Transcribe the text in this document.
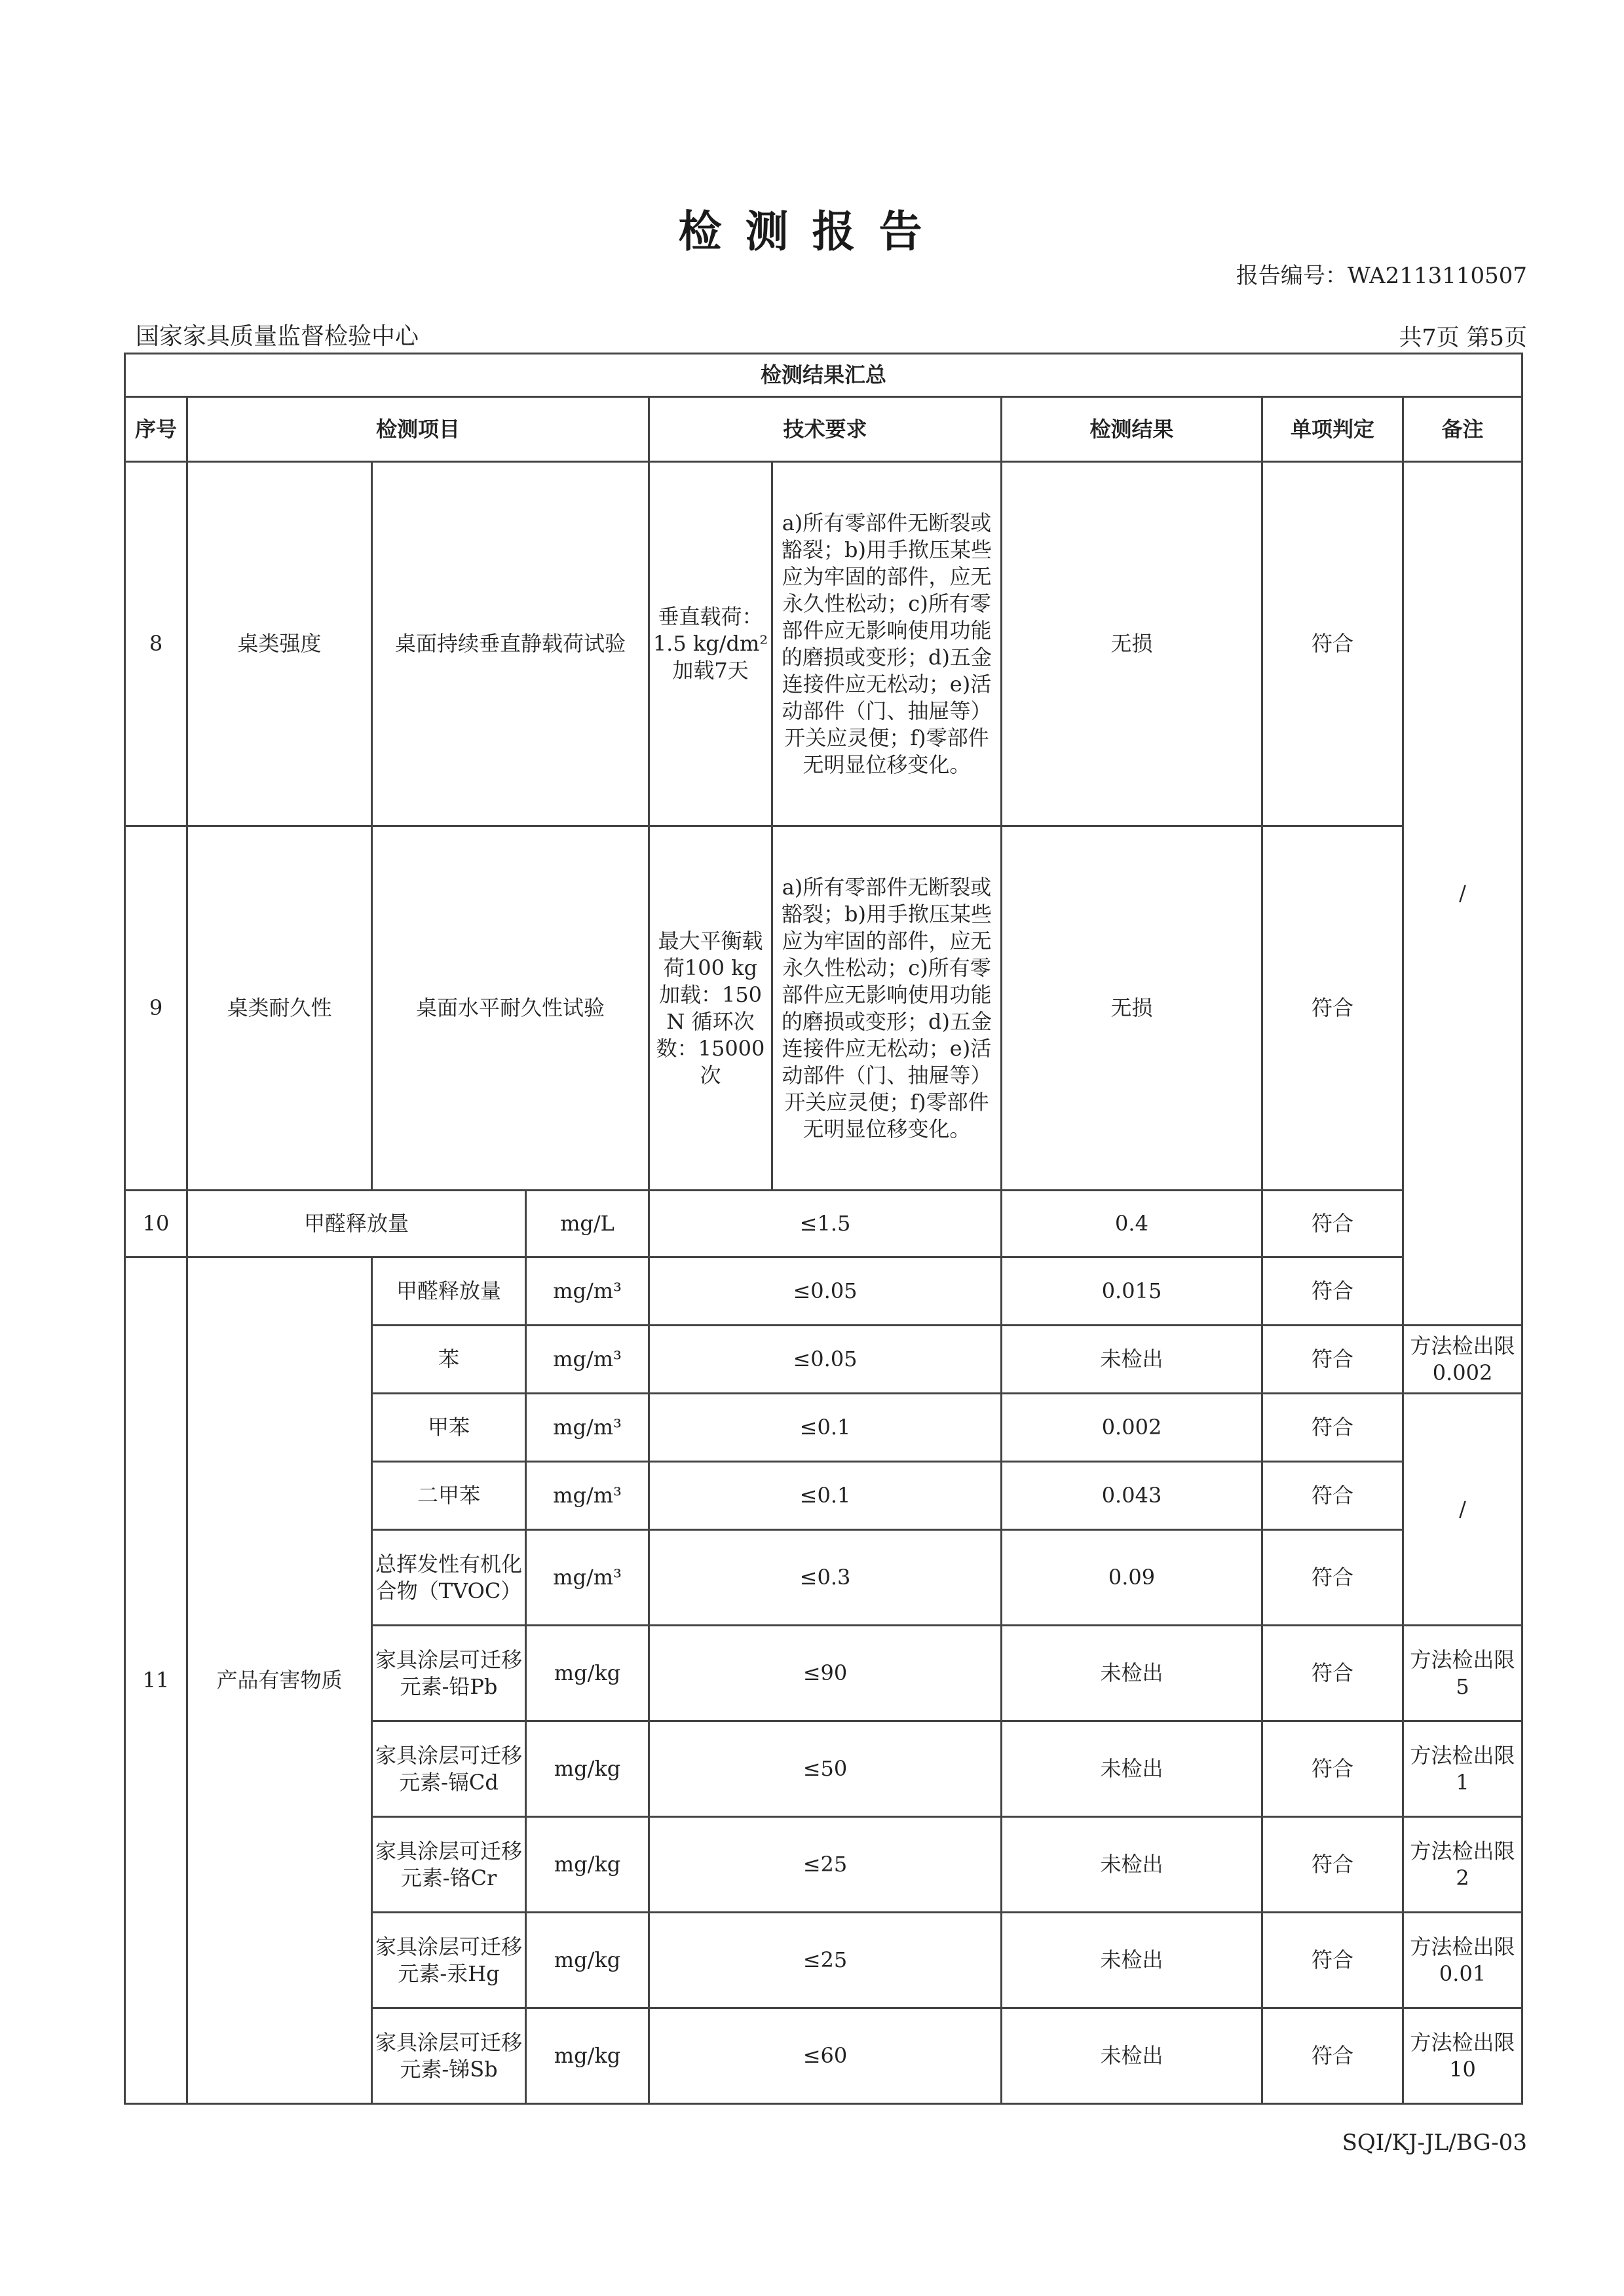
检测报告
报告编号：WA2113110507
国家家具质量监督检验中心	共7页 第5页
检测结果汇总								
序号	检测项目			技术要求		检测结果	单项判定	备注
8	桌类强度	桌面持续垂直静载荷试验		垂直载荷：1.5 kg/dm²加载7天	a)所有零部件无断裂或豁裂；b)用手揿压某些应为牢固的部件，应无永久性松动；c)所有零部件应无影响使用功能的磨损或变形；d)五金连接件应无松动；e)活动部件（门、抽屉等）开关应灵便；f)零部件无明显位移变化。	无损	符合	/
9	桌类耐久性	桌面水平耐久性试验		最大平衡载荷100 kg 加载：150 N 循环次数：15000次	a)所有零部件无断裂或豁裂；b)用手揿压某些应为牢固的部件，应无永久性松动；c)所有零部件应无影响使用功能的磨损或变形；d)五金连接件应无松动；e)活动部件（门、抽屉等）开关应灵便；f)零部件无明显位移变化。	无损	符合	
10	甲醛释放量		mg/L	≤1.5		0.4	符合	
11	产品有害物质	甲醛释放量	mg/m³	≤0.05		0.015	符合	
		苯	mg/m³	≤0.05		未检出	符合	方法检出限0.002
		甲苯	mg/m³	≤0.1		0.002	符合	/
		二甲苯	mg/m³	≤0.1		0.043	符合	
		总挥发性有机化合物（TVOC）	mg/m³	≤0.3		0.09	符合	
		家具涂层可迁移元素-铅Pb	mg/kg	≤90		未检出	符合	方法检出限5
		家具涂层可迁移元素-镉Cd	mg/kg	≤50		未检出	符合	方法检出限1
		家具涂层可迁移元素-铬Cr	mg/kg	≤25		未检出	符合	方法检出限2
		家具涂层可迁移元素-汞Hg	mg/kg	≤25		未检出	符合	方法检出限0.01
		家具涂层可迁移元素-锑Sb	mg/kg	≤60		未检出	符合	方法检出限10
SQI/KJ-JL/BG-03
